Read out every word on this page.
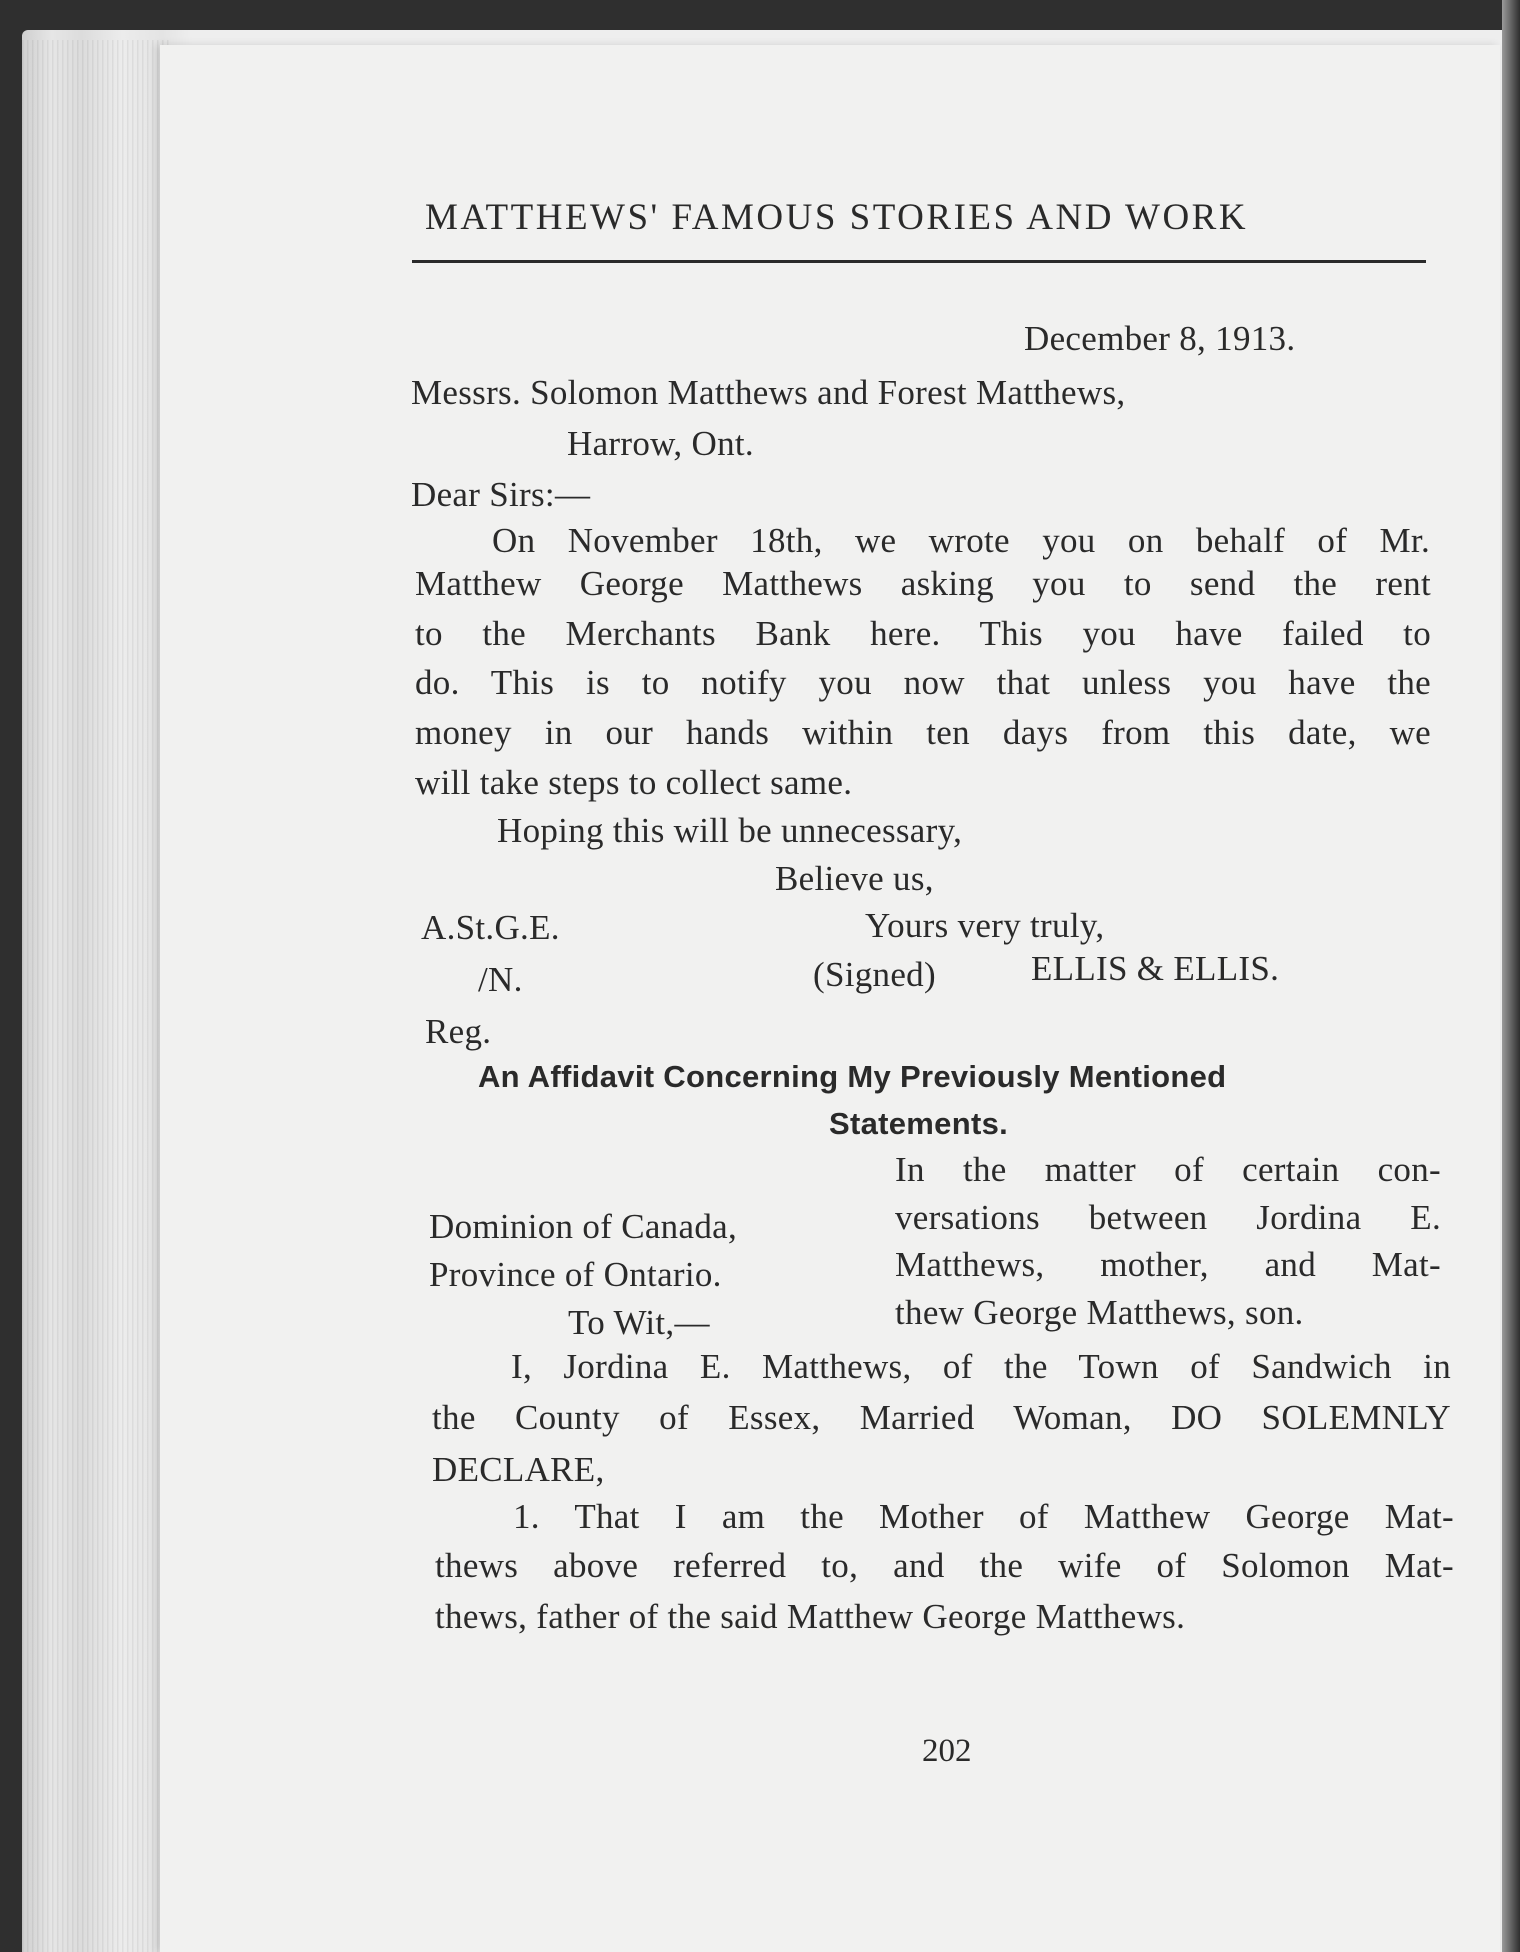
MATTHEWS' FAMOUS STORIES AND WORK
December 8, 1913.
Messrs. Solomon Matthews and Forest Matthews,
Harrow, Ont.
Dear Sirs:—
On November 18th, we wrote you on behalf of Mr.
Matthew George Matthews asking you to send the rent
to the Merchants Bank here. This you have failed to
do. This is to notify you now that unless you have the
money in our hands within ten days from this date, we
will take steps to collect same.
Hoping this will be unnecessary,
Believe us,
A.St.G.E.	Yours very truly,
/N.	(Signed)	ELLIS & ELLIS.
Reg.
An Affidavit Concerning My Previously Mentioned
Statements.
In the matter of certain con-
versations between Jordina E.
Matthews, mother, and Mat-
thew George Matthews, son.
Dominion of Canada,
Province of Ontario.
To Wit,—
I, Jordina E. Matthews, of the Town of Sandwich in
the County of Essex, Married Woman, DO SOLEMNLY
DECLARE,
1. That I am the Mother of Matthew George Mat-
thews above referred to, and the wife of Solomon Mat-
thews, father of the said Matthew George Matthews.
202
